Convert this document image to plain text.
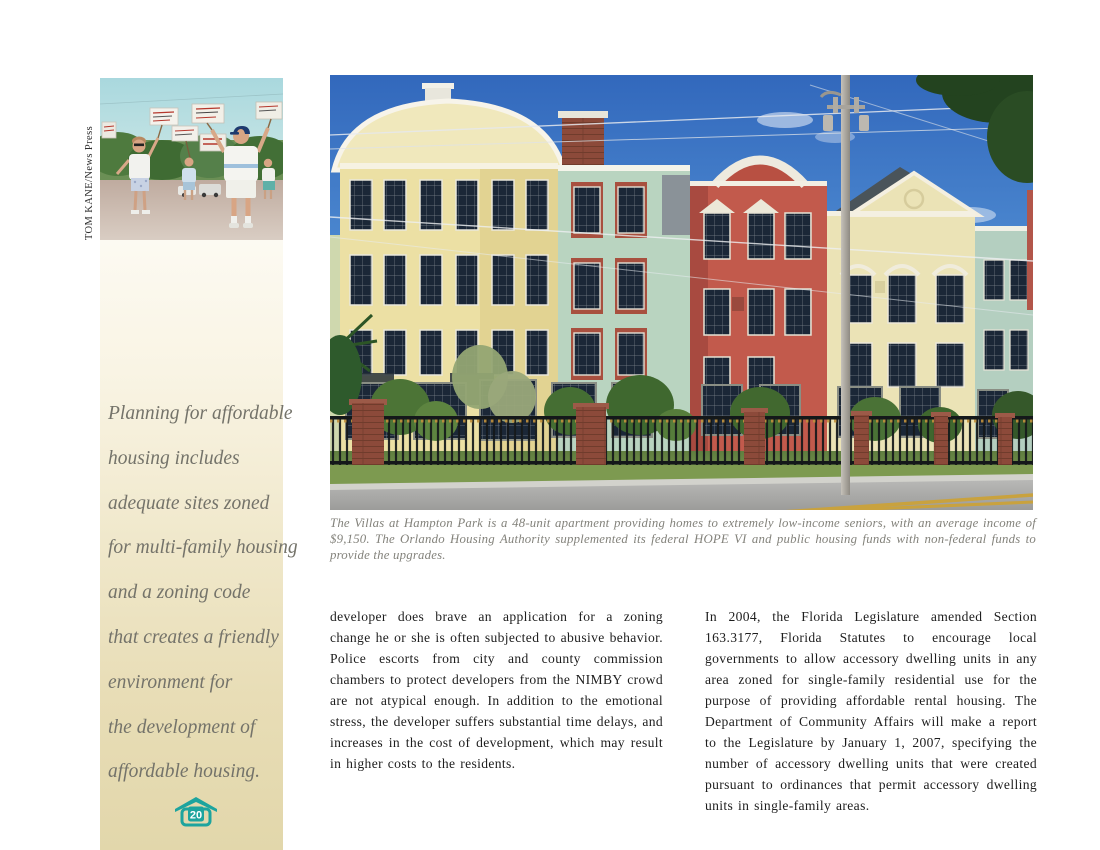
TOM KANE/News Press
Planning for affordable
housing includes
adequate sites zoned
for multi-family housing
and a zoning code
that creates a friendly
environment for
the development of
affordable housing.
20
The Villas at Hampton Park is a 48-unit apartment providing homes to extremely low-income seniors, with an average income of $9,150. The Orlando Housing Authority supplemented its federal HOPE VI and public housing funds with non-federal funds to provide the upgrades.
developer does brave an application for a zoning change he or she is often subjected to abusive behavior. Police escorts from city and county commission chambers to protect developers from the NIMBY crowd are not atypical enough. In addition to the emotional stress, the developer suffers substantial time delays, and increases in the cost of development, which may result in higher costs to the residents.
In 2004, the Florida Legislature amended Section 163.3177, Florida Statutes to encourage local governments to allow accessory dwelling units in any area zoned for single-family residential use for the purpose of providing affordable rental housing. The Department of Community Affairs will make a report to the Legislature by January 1, 2007, specifying the number of accessory dwelling units that were created pursuant to ordinances that permit accessory dwelling units in single-family areas.
